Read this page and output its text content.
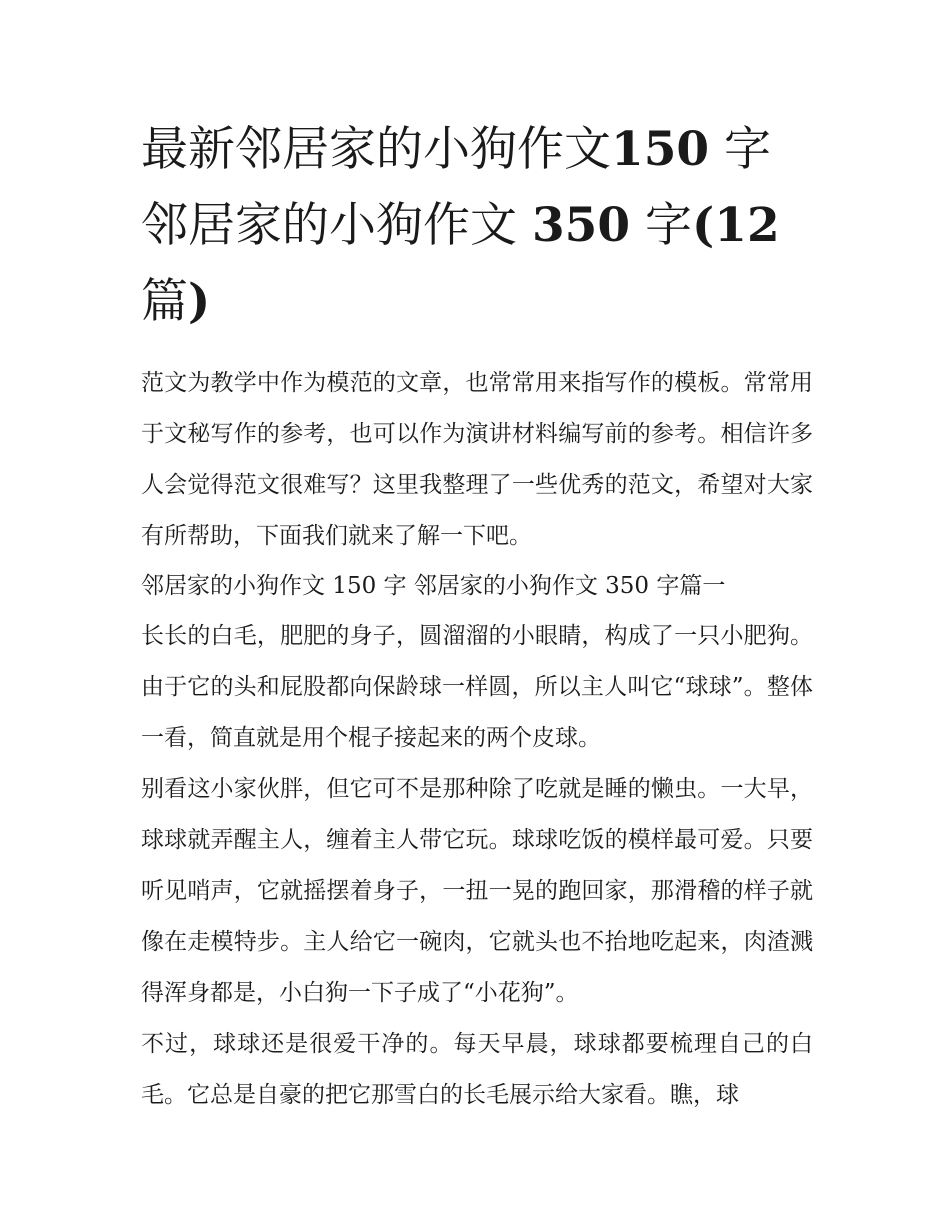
最新邻居家的小狗作文150 字 邻居家的小狗作文 350 字(12
篇)

范文为教学中作为模范的文章，也常常用来指写作的模板。常常用于文秘写作的参考，也可以作为演讲材料编写前的参考。相信许多人会觉得范文很难写？这里我整理了一些优秀的范文，希望对大家有所帮助，下面我们就来了解一下吧。

邻居家的小狗作文 150 字 邻居家的小狗作文 350 字篇一

长长的白毛，肥肥的身子，圆溜溜的小眼睛，构成了一只小肥狗。由于它的头和屁股都向保龄球一样圆，所以主人叫它“球球”。整体一看，简直就是用个棍子接起来的两个皮球。

别看这小家伙胖，但它可不是那种除了吃就是睡的懒虫。一大早，球球就弄醒主人，缠着主人带它玩。球球吃饭的模样最可爱。只要听见哨声，它就摇摆着身子，一扭一晃的跑回家，那滑稽的样子就像在走模特步。主人给它一碗肉，它就头也不抬地吃起来，肉渣溅得浑身都是，小白狗一下子成了“小花狗”。

不过，球球还是很爱干净的。每天早晨，球球都要梳理自己的白毛。它总是自豪的把它那雪白的长毛展示给大家看。瞧，球
